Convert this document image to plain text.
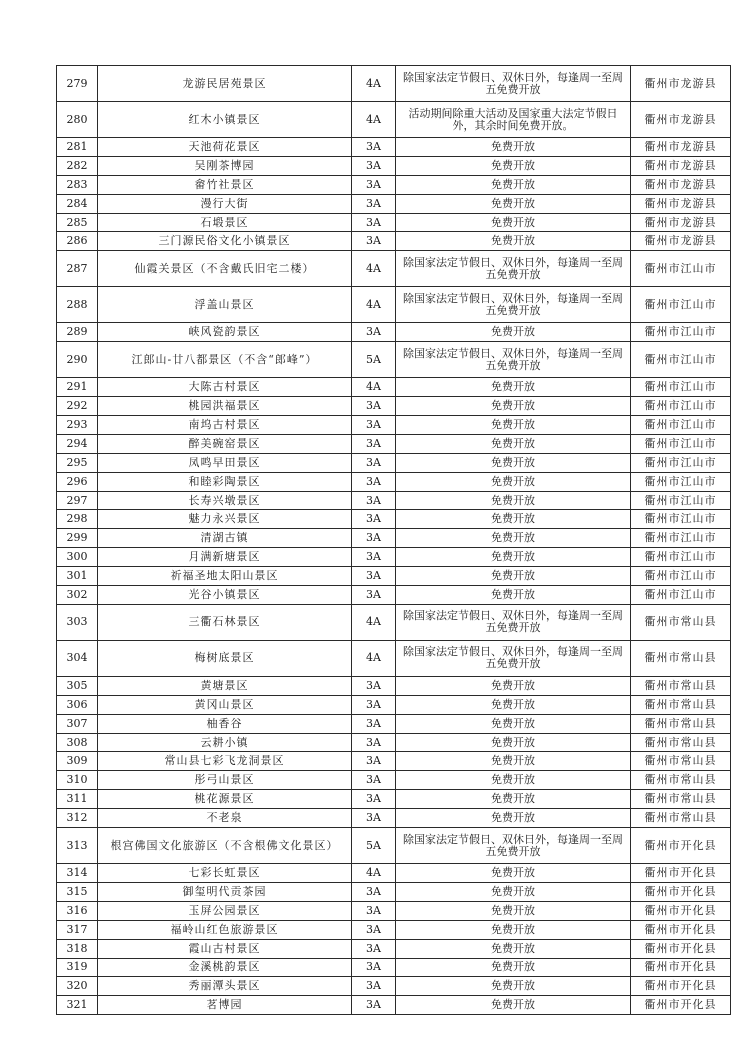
279	龙游民居苑景区	4A	除国家法定节假日、双休日外，每逢周一至周五免费开放	衢州市龙游县
280	红木小镇景区	4A	活动期间除重大活动及国家重大法定节假日外，其余时间免费开放。	衢州市龙游县
281	天池荷花景区	3A	免费开放	衢州市龙游县
282	吴刚茶博园	3A	免费开放	衢州市龙游县
283	畲竹社景区	3A	免费开放	衢州市龙游县
284	漫行大街	3A	免费开放	衢州市龙游县
285	石塅景区	3A	免费开放	衢州市龙游县
286	三门源民俗文化小镇景区	3A	免费开放	衢州市龙游县
287	仙霞关景区（不含戴氏旧宅二楼）	4A	除国家法定节假日、双休日外，每逢周一至周五免费开放	衢州市江山市
288	浮盖山景区	4A	除国家法定节假日、双休日外，每逢周一至周五免费开放	衢州市江山市
289	峡风瓷韵景区	3A	免费开放	衢州市江山市
290	江郎山-廿八都景区（不含“郎峰”）	5A	除国家法定节假日、双休日外，每逢周一至周五免费开放	衢州市江山市
291	大陈古村景区	4A	免费开放	衢州市江山市
292	桃园洪福景区	3A	免费开放	衢州市江山市
293	南坞古村景区	3A	免费开放	衢州市江山市
294	醉美碗窑景区	3A	免费开放	衢州市江山市
295	凤鸣早田景区	3A	免费开放	衢州市江山市
296	和睦彩陶景区	3A	免费开放	衢州市江山市
297	长寿兴墩景区	3A	免费开放	衢州市江山市
298	魅力永兴景区	3A	免费开放	衢州市江山市
299	清湖古镇	3A	免费开放	衢州市江山市
300	月满新塘景区	3A	免费开放	衢州市江山市
301	祈福圣地太阳山景区	3A	免费开放	衢州市江山市
302	光谷小镇景区	3A	免费开放	衢州市江山市
303	三衢石林景区	4A	除国家法定节假日、双休日外，每逢周一至周五免费开放	衢州市常山县
304	梅树底景区	4A	除国家法定节假日、双休日外，每逢周一至周五免费开放	衢州市常山县
305	黄塘景区	3A	免费开放	衢州市常山县
306	黄冈山景区	3A	免费开放	衢州市常山县
307	柚香谷	3A	免费开放	衢州市常山县
308	云耕小镇	3A	免费开放	衢州市常山县
309	常山县七彩飞龙洞景区	3A	免费开放	衢州市常山县
310	彤弓山景区	3A	免费开放	衢州市常山县
311	桃花源景区	3A	免费开放	衢州市常山县
312	不老泉	3A	免费开放	衢州市常山县
313	根宫佛国文化旅游区（不含根佛文化景区）	5A	除国家法定节假日、双休日外，每逢周一至周五免费开放	衢州市开化县
314	七彩长虹景区	4A	免费开放	衢州市开化县
315	御玺明代贡茶园	3A	免费开放	衢州市开化县
316	玉屏公园景区	3A	免费开放	衢州市开化县
317	福岭山红色旅游景区	3A	免费开放	衢州市开化县
318	霞山古村景区	3A	免费开放	衢州市开化县
319	金溪桃韵景区	3A	免费开放	衢州市开化县
320	秀丽潭头景区	3A	免费开放	衢州市开化县
321	茗博园	3A	免费开放	衢州市开化县
